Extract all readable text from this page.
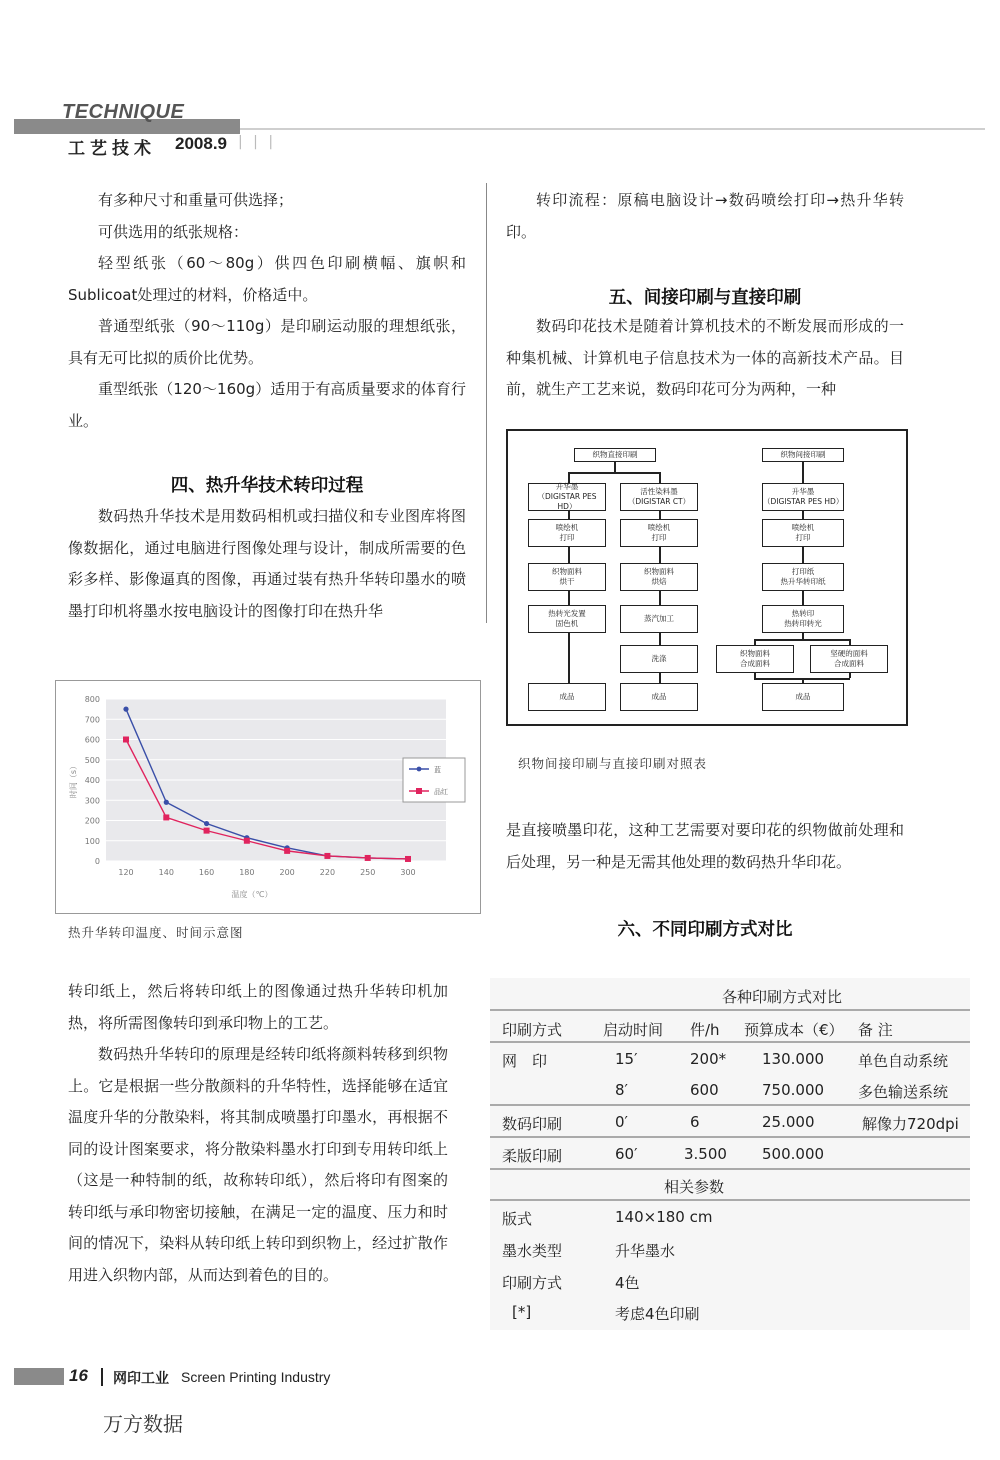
TECHNIQUE
工艺技术 2008.9 | | |

有多种尺寸和重量可供选择；

可供选用的纸张规格：

轻型纸张（60～80g）供四色印刷横幅、旗帜和Sublicoat处理过的材料，价格适中。

普通型纸张（90～110g）是印刷运动服的理想纸张，具有无可比拟的质价比优势。

重型纸张（120～160g）适用于有高质量要求的体育行业。

四、热升华技术转印过程

数码热升华技术是用数码相机或扫描仪和专业图库将图像数据化，通过电脑进行图像处理与设计，制成所需要的色彩多样、影像逼真的图像，再通过装有热升华转印墨水的喷墨打印机将墨水按电脑设计的图像打印在热升华

0
100
200
300
400
500
600
700
800
120	140	160	180	200	220	250	300
蓝
品红
时间（s）
温度（℃）
热升华转印温度、时间示意图

转印纸上，然后将转印纸上的图像通过热升华转印机加热，将所需图像转印到承印物上的工艺。

数码热升华转印的原理是经转印纸将颜料转移到织物上。它是根据一些分散颜料的升华特性，选择能够在适宜温度升华的分散染料，将其制成喷墨打印墨水，再根据不同的设计图案要求，将分散染料墨水打印到专用转印纸上（这是一种特制的纸，故称转印纸），然后将印有图案的转印纸与承印物密切接触，在满足一定的温度、压力和时间的情况下，染料从转印纸上转印到织物上，经过扩散作用进入织物内部，从而达到着色的目的。

转印流程：原稿电脑设计→数码喷绘打印→热升华转印。

五、间接印刷与直接印刷

数码印花技术是随着计算机技术的不断发展而形成的一种集机械、计算机电子信息技术为一体的高新技术产品。目前，就生产工艺来说，数码印花可分为两种，一种

织物直接印刷	织物间接印刷
升华墨
（DIGISTAR PES HD）
活性染料墨
（DIGISTAR CT）
喷绘机
打印
喷绘机
打印
织物面料
烘干
织物面料
烘焙
热转光发置
固色机
蒸汽加工
洗涤
成品	成品
升华墨
（DIGISTAR PES HD）
喷绘机
打印
打印纸
热升华转印纸
热转印
热转印转光
织物面料
合成面料
坚硬的面料
合成面料
成品
织物间接印刷与直接印刷对照表

是直接喷墨印花，这种工艺需要对要印花的织物做前处理和后处理，另一种是无需其他处理的数码热升华印花。

六、不同印刷方式对比
各种印刷方式对比
印刷方式	启动时间 件/h 预算成本（€） 备 注
网　印	15′	200* 130.000 单色自动系统
8′	600	750.000 多色输送系统
数码印刷	0′	6	25.000	解像力720dpi
柔版印刷	60′	3.500 500.000
相关参数
版式	140×180 cm
墨水类型	升华墨水
印刷方式	4色
[*]	考虑4色印刷
16 网印工业 Screen Printing Industry
万方数据
